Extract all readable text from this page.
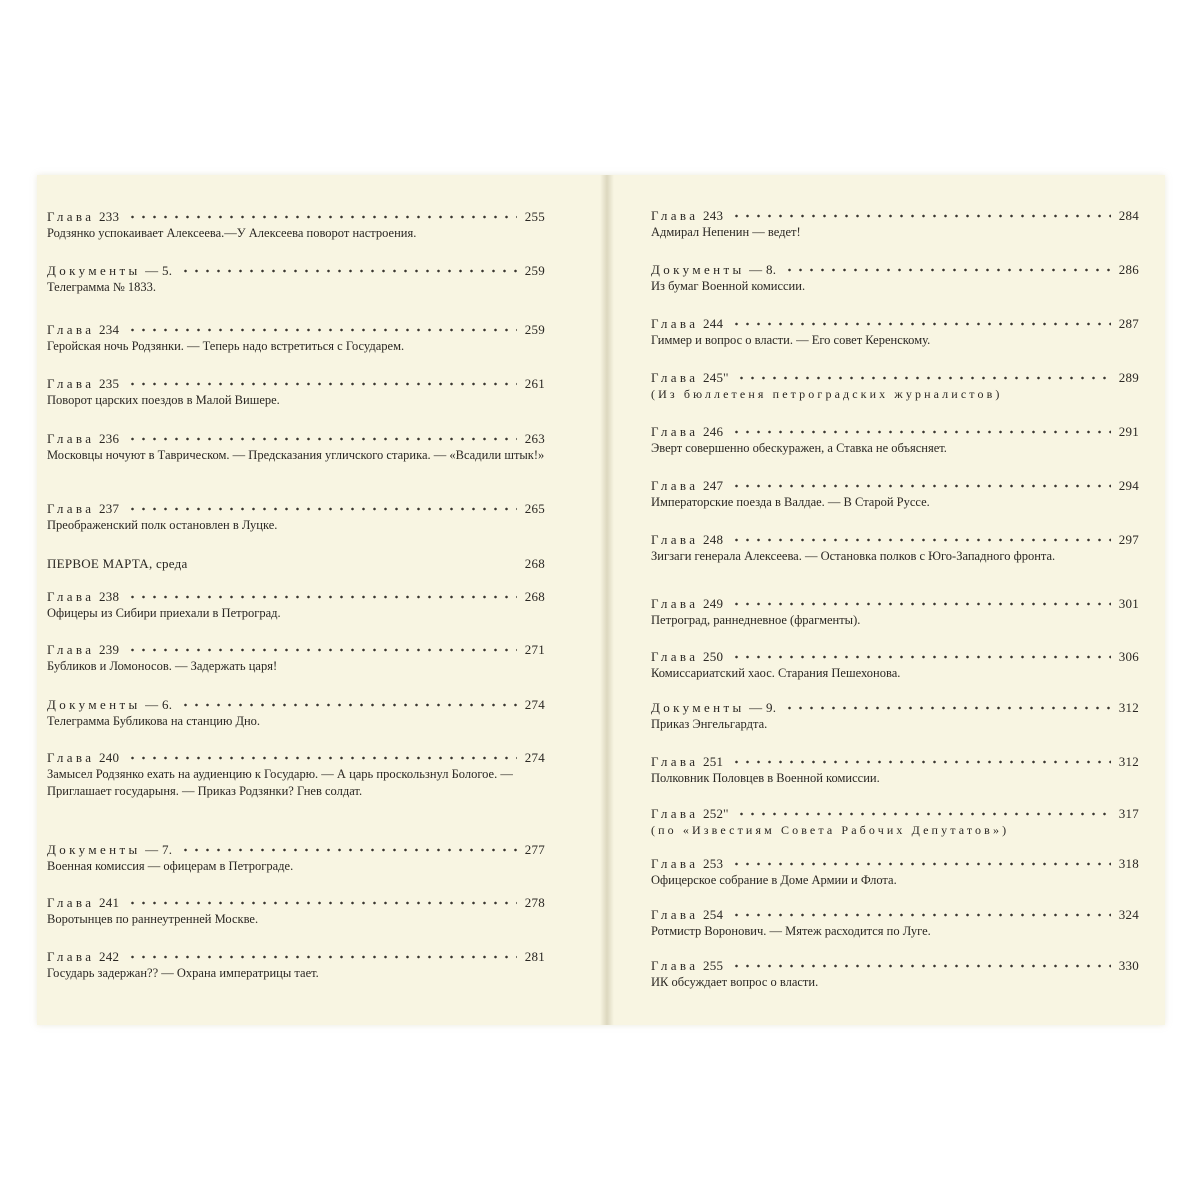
Глава 233	255
Родзянко успокаивает Алексеева.—У Алексеева поворот настроения.
Документы — 5.	259
Телеграмма № 1833.
Глава 234	259
Геройская ночь Родзянки. — Теперь надо встретиться с Государем.
Глава 235	261
Поворот царских поездов в Малой Вишере.
Глава 236	263
Московцы ночуют в Таврическом. — Предсказания угличского старика. — «Всадили штык!»
Глава 237	265
Преображенский полк остановлен в Луцке.
ПЕРВОЕ МАРТА, среда	268
Глава 238	268
Офицеры из Сибири приехали в Петроград.
Глава 239	271
Бубликов и Ломоносов. — Задержать царя!
Документы — 6.	274
Телеграмма Бубликова на станцию Дно.
Глава 240	274
Замысел Родзянко ехать на аудиенцию к Государю. — А царь проскользнул Бологое. — Приглашает государыня. — Приказ Родзянки? Гнев солдат.
Документы — 7.	277
Военная комиссия — офицерам в Петрограде.
Глава 241	278
Воротынцев по раннеутренней Москве.
Глава 242	281
Государь задержан?? — Охрана императрицы тает.
Глава 243	284
Адмирал Непенин — ведет!
Документы — 8.	286
Из бумаг Военной комиссии.
Глава 244	287
Гиммер и вопрос о власти. — Его совет Керенскому.
Глава 245''	289
(Из бюллетеня петроградских журналистов)
Глава 246	291
Эверт совершенно обескуражен, а Ставка не объясняет.
Глава 247	294
Императорские поезда в Валдае. — В Старой Руссе.
Глава 248	297
Зигзаги генерала Алексеева. — Остановка полков с Юго-Западного фронта.
Глава 249	301
Петроград, раннедневное (фрагменты).
Глава 250	306
Комиссариатский хаос. Старания Пешехонова.
Документы — 9.	312
Приказ Энгельгардта.
Глава 251	312
Полковник Половцев в Военной комиссии.
Глава 252''	317
(по «Известиям Совета Рабочих Депутатов»)
Глава 253	318
Офицерское собрание в Доме Армии и Флота.
Глава 254	324
Ротмистр Воронович. — Мятеж расходится по Луге.
Глава 255	330
ИК обсуждает вопрос о власти.
